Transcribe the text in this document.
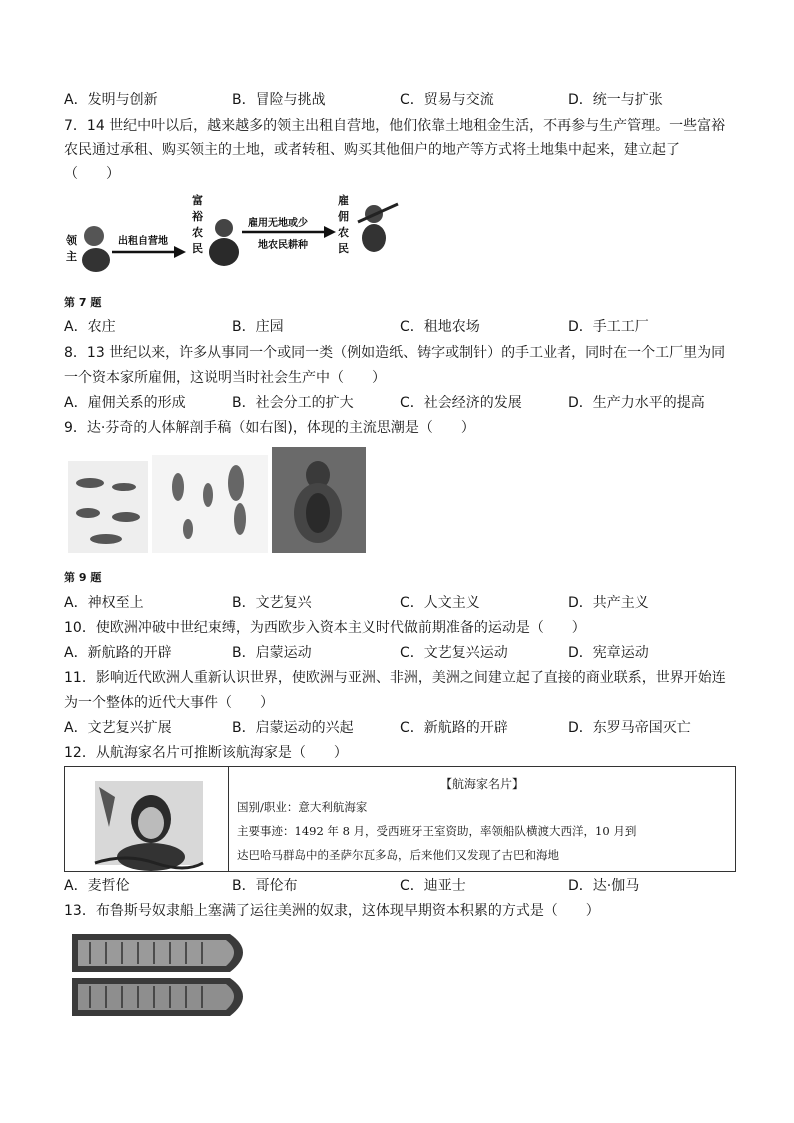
A．发明与创新	B．冒险与挑战	C．贸易与交流	D．统一与扩张
7．14 世纪中叶以后，越来越多的领主出租自营地，他们依靠土地租金生活，不再参与生产管理。一些富裕
农民通过承租、购买领主的土地，或者转租、购买其他佃户的地产等方式将土地集中起来，建立起了
（　　）
领
主
出租自营地
富
裕
农
民
雇用无地或少
地农民耕种
雇
佣
农
民
第 7 题
A．农庄	B．庄园	C．租地农场	D．手工工厂
8．13 世纪以来，许多从事同一个或同一类（例如造纸、铸字或制针）的手工业者，同时在一个工厂里为同
一个资本家所雇佣，这说明当时社会生产中（　　）
A．雇佣关系的形成	B．社会分工的扩大	C．社会经济的发展	D．生产力水平的提高
9．达·芬奇的人体解剖手稿（如右图)，体现的主流思潮是（　　）
第 9 题
A．神权至上	B．文艺复兴	C．人文主义	D．共产主义
10．使欧洲冲破中世纪束缚，为西欧步入资本主义时代做前期准备的运动是（　　）
A．新航路的开辟	B．启蒙运动	C．文艺复兴运动	D．宪章运动
11．影响近代欧洲人重新认识世界，使欧洲与亚洲、非洲，美洲之间建立起了直接的商业联系，世界开始连
为一个整体的近代大事件（　　）
A．文艺复兴扩展	B．启蒙运动的兴起	C．新航路的开辟	D．东罗马帝国灭亡
12．从航海家名片可推断该航海家是（　　）
【航海家名片】
国别/职业：意大利航海家
主要事迹：1492 年 8 月，受西班牙王室资助，率领船队横渡大西洋，10 月到
达巴哈马群岛中的圣萨尔瓦多岛，后来他们又发现了古巴和海地
A．麦哲伦	B．哥伦布	C．迪亚士	D．达·伽马
13．布鲁斯号奴隶船上塞满了运往美洲的奴隶，这体现早期资本积累的方式是（　　）
